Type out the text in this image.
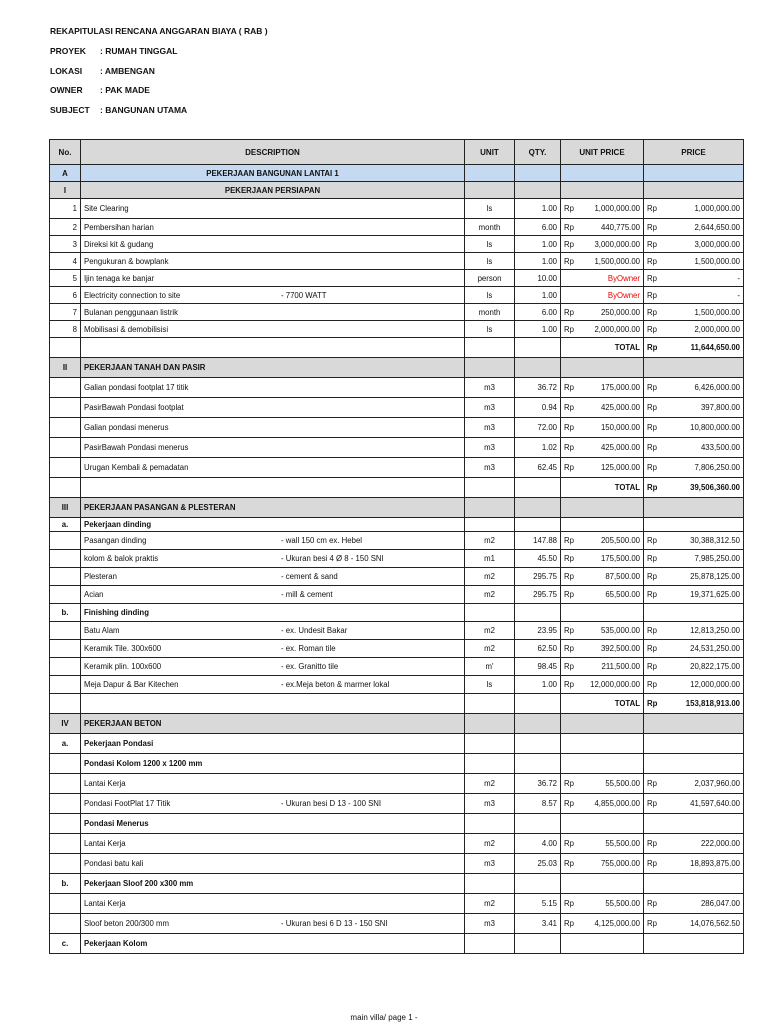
REKAPITULASI RENCANA ANGGARAN BIAYA ( RAB )
PROYEK : RUMAH TINGGAL
LOKASI : AMBENGAN
OWNER : PAK MADE
SUBJECT : BANGUNAN UTAMA
No.	DESCRIPTION	UNIT	QTY.	UNIT PRICE	PRICE
A	PEKERJAAN BANGUNAN LANTAI 1				
I	PEKERJAAN PERSIAPAN				
1	Site Clearing	ls	1.00	Rp 1,000,000.00	Rp 1,000,000.00
2	Pembersihan harian	month	6.00	Rp 440,775.00	Rp 2,644,650.00
3	Direksi kit & gudang	ls	1.00	Rp 3,000,000.00	Rp 3,000,000.00
4	Pengukuran & bowplank	ls	1.00	Rp 1,500,000.00	Rp 1,500,000.00
5	Ijin tenaga ke banjar	person	10.00	ByOwner	Rp -
6	Electricity connection to site - 7700 WATT	ls	1.00	ByOwner	Rp -
7	Bulanan penggunaan listrik	month	6.00	Rp 250,000.00	Rp 1,500,000.00
8	Mobilisasi & demobilisisi	ls	1.00	Rp 2,000,000.00	Rp 2,000,000.00
				TOTAL	Rp 11,644,650.00
II	PEKERJAAN TANAH DAN PASIR				
	Galian pondasi footplat 17 titik	m3	36.72	Rp 175,000.00	Rp 6,426,000.00
	PasirBawah Pondasi footplat	m3	0.94	Rp 425,000.00	Rp 397,800.00
	Galian pondasi menerus	m3	72.00	Rp 150,000.00	Rp 10,800,000.00
	PasirBawah Pondasi menerus	m3	1.02	Rp 425,000.00	Rp 433,500.00
	Urugan Kembali & pemadatan	m3	62.45	Rp 125,000.00	Rp 7,806,250.00
				TOTAL	Rp 39,506,360.00
III	PEKERJAAN PASANGAN & PLESTERAN				
a.	Pekerjaan dinding				
	Pasangan dinding - wall 150 cm ex. Hebel	m2	147.88	Rp 205,500.00	Rp 30,388,312.50
	kolom & balok praktis - Ukuran besi 4 Ø 8 - 150 SNI	m1	45.50	Rp 175,500.00	Rp 7,985,250.00
	Plesteran - cement & sand	m2	295.75	Rp 87,500.00	Rp 25,878,125.00
	Acian - mill & cement	m2	295.75	Rp 65,500.00	Rp 19,371,625.00
b.	Finishing dinding				
	Batu Alam - ex. Undesit Bakar	m2	23.95	Rp 535,000.00	Rp 12,813,250.00
	Keramik Tile. 300x600 - ex. Roman tile	m2	62.50	Rp 392,500.00	Rp 24,531,250.00
	Keramik plin. 100x600 - ex. Granitto tile	m'	98.45	Rp 211,500.00	Rp 20,822,175.00
	Meja Dapur & Bar Kitechen - ex.Meja beton & marmer lokal	ls	1.00	Rp 12,000,000.00	Rp 12,000,000.00
				TOTAL	Rp 153,818,913.00
IV	PEKERJAAN BETON				
a.	Pekerjaan Pondasi				
	Pondasi Kolom 1200 x 1200 mm				
	Lantai Kerja	m2	36.72	Rp 55,500.00	Rp 2,037,960.00
	Pondasi FootPlat 17 Titik - Ukuran besi D 13 - 100 SNI	m3	8.57	Rp 4,855,000.00	Rp 41,597,640.00
	Pondasi Menerus				
	Lantai Kerja	m2	4.00	Rp 55,500.00	Rp 222,000.00
	Pondasi batu kali	m3	25.03	Rp 755,000.00	Rp 18,893,875.00
b.	Pekerjaan Sloof 200 x300 mm				
	Lantai Kerja	m2	5.15	Rp 55,500.00	Rp 286,047.00
	Sloof beton 200/300 mm - Ukuran besi 6 D 13 - 150 SNI	m3	3.41	Rp 4,125,000.00	Rp 14,076,562.50
c.	Pekerjaan Kolom				
main villa/ page 1 -
